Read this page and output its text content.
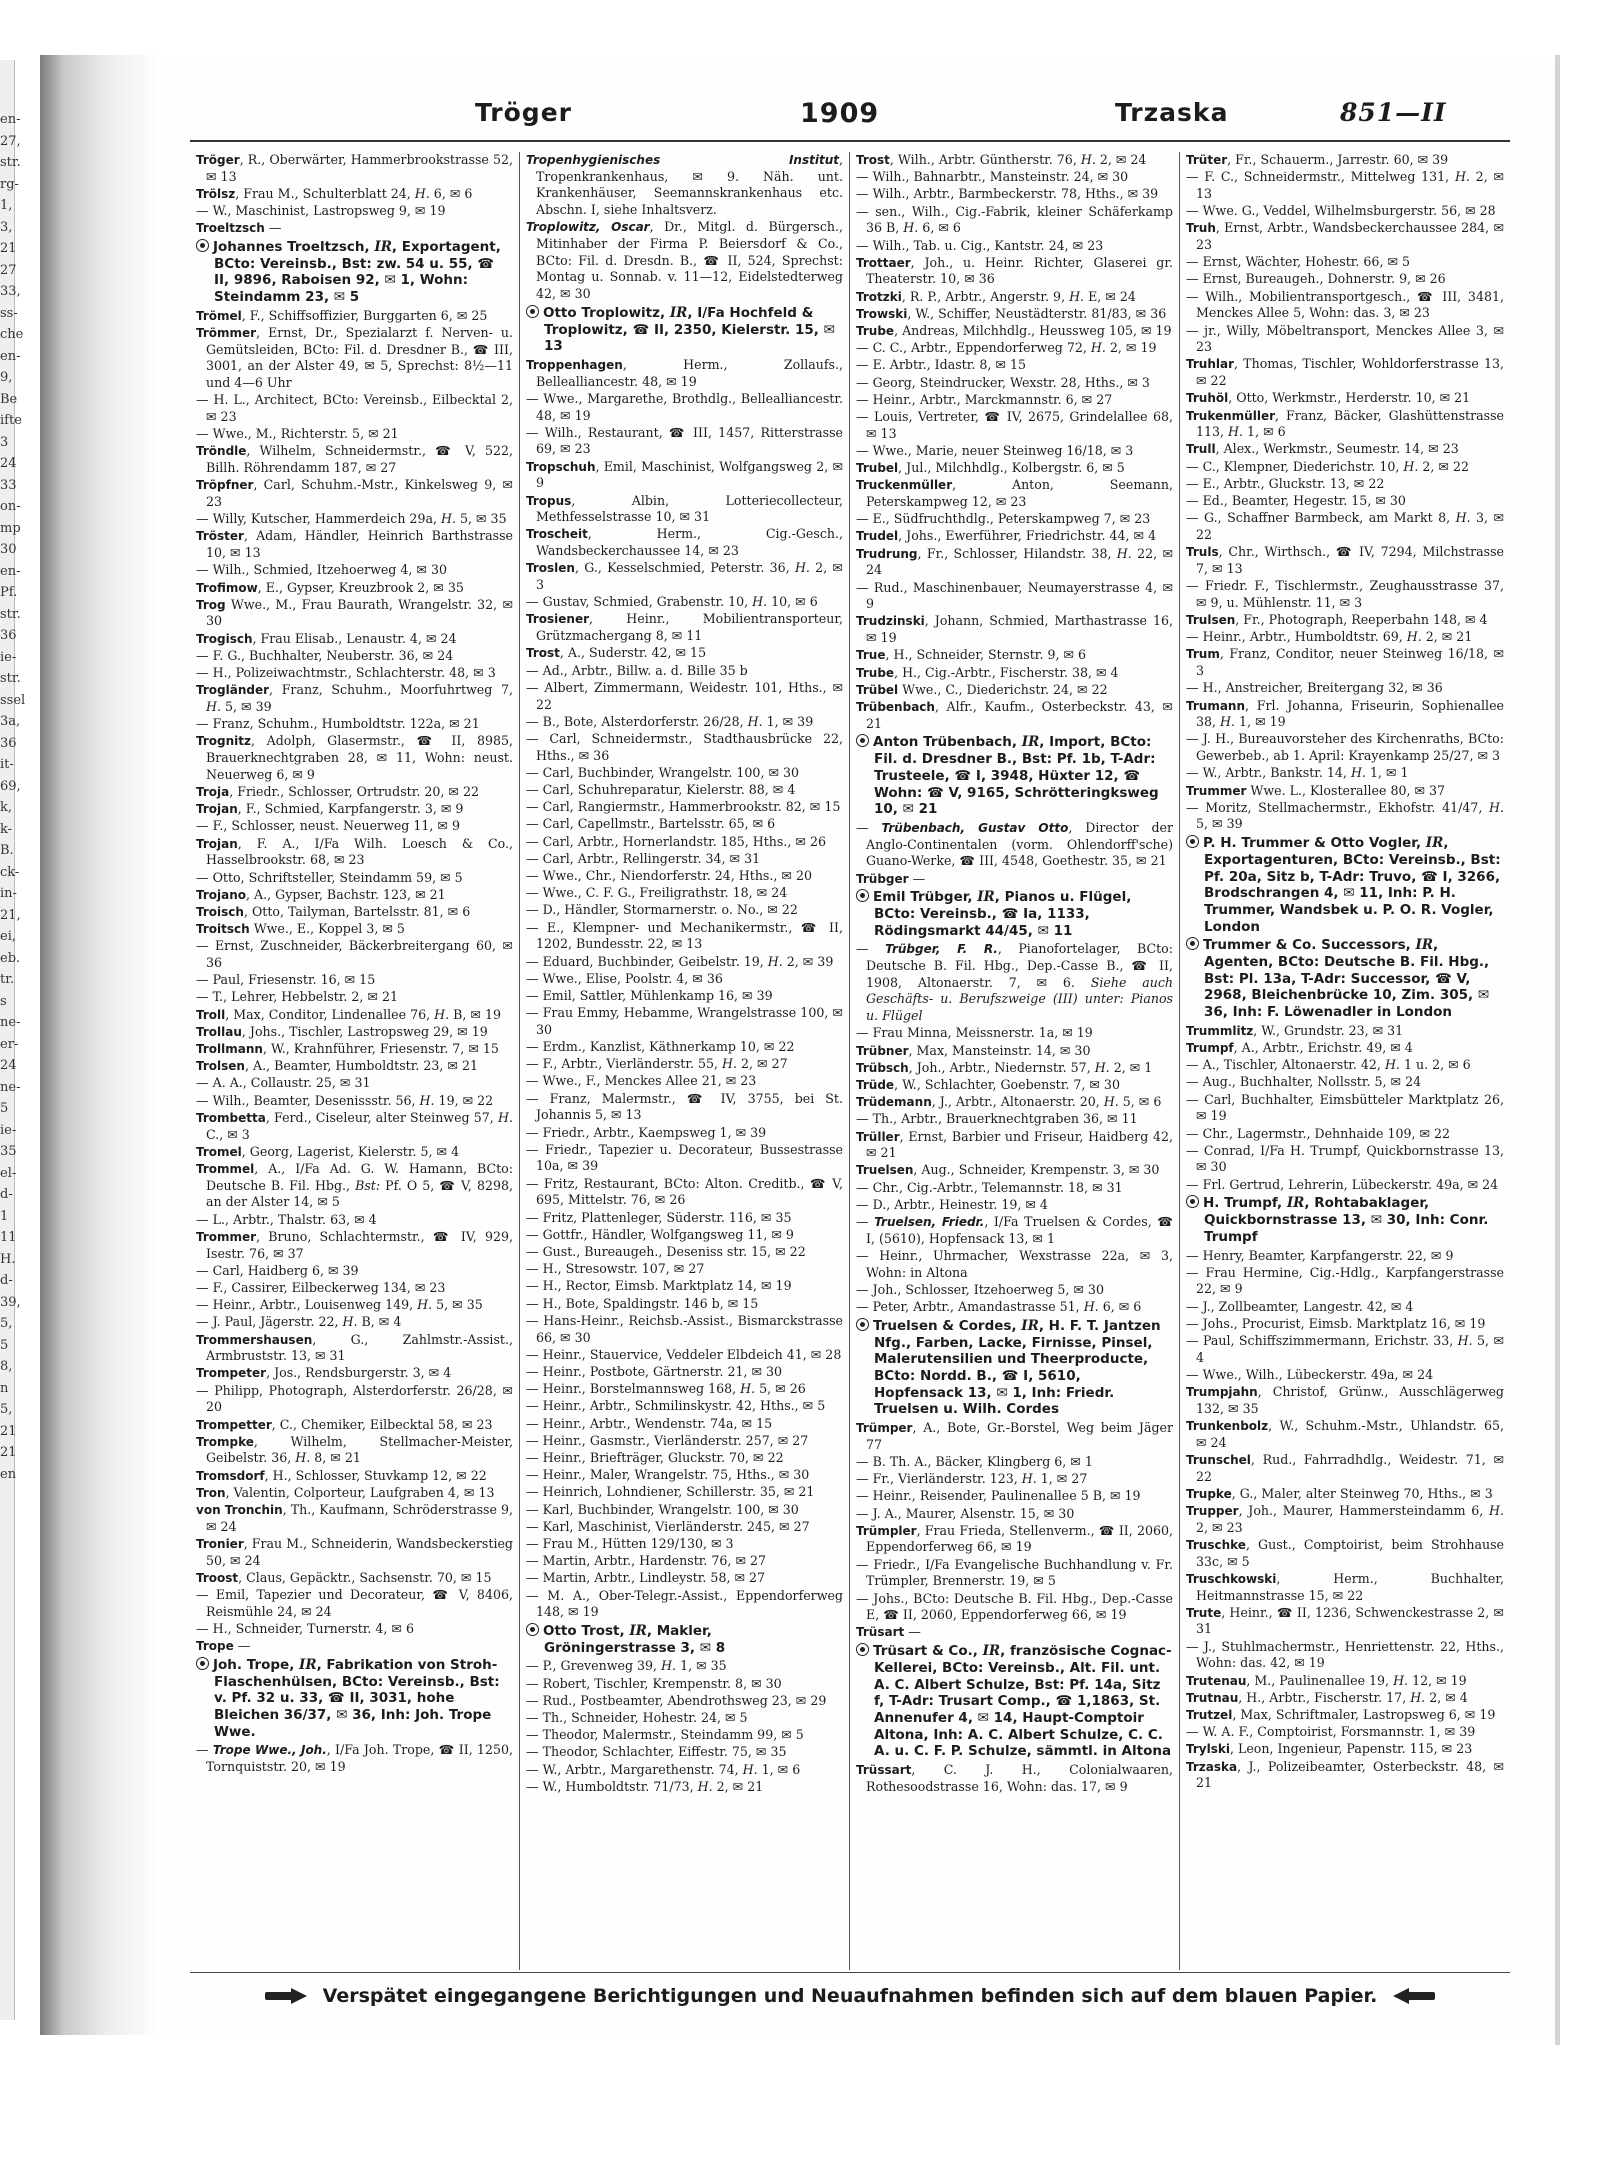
en-
27,
str.
rg-
1,
3,
21
27
33,
ss-
che
en-
9,
Be
ifte
3
24
33
on-
mp
30
en-
Pf.
str.
36
ie-
str.
ssel
3a,
36
it-
69,
k,
k-
B.
ck-
in-
21,
ei,
eb.
tr.
s
ne-
er-
24
ne-
5
ie-
35
el-
d-
1
11
H.
d-
39,
5,
5
8,
n
5,
21
21
en
Tröger	1909	Trzaska	851—II
Tröger, R., Oberwärter, Hammerbrookstrasse 52, ✉ 13
Trölsz, Frau M., Schulterblatt 24, H. 6, ✉ 6
— W., Maschinist, Lastropsweg 9, ✉ 19
Troeltzsch —
Johannes Troeltzsch, IR, Exportagent, BCto: Vereinsb., Bst: zw. 54 u. 55, ☎ II, 9896, Raboisen 92, ✉ 1, Wohn: Steindamm 23, ✉ 5
Trömel, F., Schiffsoffizier, Burggarten 6, ✉ 25
Trömmer, Ernst, Dr., Spezialarzt f. Nerven- u. Gemütsleiden, BCto: Fil. d. Dresdner B., ☎ III, 3001, an der Alster 49, ✉ 5, Sprechst: 8½—11 und 4—6 Uhr
— H. L., Architect, BCto: Vereinsb., Eilbecktal 2, ✉ 23
— Wwe., M., Richterstr. 5, ✉ 21
Tröndle, Wilhelm, Schneidermstr., ☎ V, 522, Billh. Röhrendamm 187, ✉ 27
Tröpfner, Carl, Schuhm.-Mstr., Kinkelsweg 9, ✉ 23
— Willy, Kutscher, Hammerdeich 29a, H. 5, ✉ 35
Tröster, Adam, Händler, Heinrich Barthstrasse 10, ✉ 13
— Wilh., Schmied, Itzehoerweg 4, ✉ 30
Trofimow, E., Gypser, Kreuzbrook 2, ✉ 35
Trog Wwe., M., Frau Baurath, Wrangelstr. 32, ✉ 30
Trogisch, Frau Elisab., Lenaustr. 4, ✉ 24
— F. G., Buchhalter, Neuberstr. 36, ✉ 24
— H., Polizeiwachtmstr., Schlachterstr. 48, ✉ 3
Trogländer, Franz, Schuhm., Moorfuhrtweg 7, H. 5, ✉ 39
— Franz, Schuhm., Humboldtstr. 122a, ✉ 21
Trognitz, Adolph, Glasermstr., ☎ II, 8985, Brauerknechtgraben 28, ✉ 11, Wohn: neust. Neuerweg 6, ✉ 9
Troja, Friedr., Schlosser, Ortrudstr. 20, ✉ 22
Trojan, F., Schmied, Karpfangerstr. 3, ✉ 9
— F., Schlosser, neust. Neuerweg 11, ✉ 9
Trojan, F. A., I/Fa Wilh. Loesch & Co., Hasselbrookstr. 68, ✉ 23
— Otto, Schriftsteller, Steindamm 59, ✉ 5
Trojano, A., Gypser, Bachstr. 123, ✉ 21
Troisch, Otto, Tailyman, Bartelsstr. 81, ✉ 6
Troitsch Wwe., E., Koppel 3, ✉ 5
— Ernst, Zuschneider, Bäckerbreitergang 60, ✉ 36
— Paul, Friesenstr. 16, ✉ 15
— T., Lehrer, Hebbelstr. 2, ✉ 21
Troll, Max, Conditor, Lindenallee 76, H. B, ✉ 19
Trollau, Johs., Tischler, Lastropsweg 29, ✉ 19
Trollmann, W., Krahnführer, Friesenstr. 7, ✉ 15
Trolsen, A., Beamter, Humboldtstr. 23, ✉ 21
— A. A., Collaustr. 25, ✉ 31
— Wilh., Beamter, Desenissstr. 56, H. 19, ✉ 22
Trombetta, Ferd., Ciseleur, alter Steinweg 57, H. C., ✉ 3
Tromel, Georg, Lagerist, Kielerstr. 5, ✉ 4
Trommel, A., I/Fa Ad. G. W. Hamann, BCto: Deutsche B. Fil. Hbg., Bst: Pf. O 5, ☎ V, 8298, an der Alster 14, ✉ 5
— L., Arbtr., Thalstr. 63, ✉ 4
Trommer, Bruno, Schlachtermstr., ☎ IV, 929, Isestr. 76, ✉ 37
— Carl, Haidberg 6, ✉ 39
— F., Cassirer, Eilbeckerweg 134, ✉ 23
— Heinr., Arbtr., Louisenweg 149, H. 5, ✉ 35
— J. Paul, Jägerstr. 22, H. B, ✉ 4
Trommershausen, G., Zahlmstr.-Assist., Armbruststr. 13, ✉ 31
Trompeter, Jos., Rendsburgerstr. 3, ✉ 4
— Philipp, Photograph, Alsterdorferstr. 26/28, ✉ 20
Trompetter, C., Chemiker, Eilbecktal 58, ✉ 23
Trompke, Wilhelm, Stellmacher-Meister, Geibelstr. 36, H. 8, ✉ 21
Tromsdorf, H., Schlosser, Stuvkamp 12, ✉ 22
Tron, Valentin, Colporteur, Laufgraben 4, ✉ 13
von Tronchin, Th., Kaufmann, Schröderstrasse 9, ✉ 24
Tronier, Frau M., Schneiderin, Wandsbeckerstieg 50, ✉ 24
Troost, Claus, Gepäcktr., Sachsenstr. 70, ✉ 15
— Emil, Tapezier und Decorateur, ☎ V, 8406, Reismühle 24, ✉ 24
— H., Schneider, Turnerstr. 4, ✉ 6
Trope —
Joh. Trope, IR, Fabrikation von Stroh-Flaschenhülsen, BCto: Vereinsb., Bst: v. Pf. 32 u. 33, ☎ II, 3031, hohe Bleichen 36/37, ✉ 36, Inh: Joh. Trope Wwe.
— Trope Wwe., Joh., I/Fa Joh. Trope, ☎ II, 1250, Tornquiststr. 20, ✉ 19
Tropenhygienisches Institut, Tropenkrankenhaus, ✉ 9. Näh. unt. Krankenhäuser, Seemannskrankenhaus etc. Abschn. I, siehe Inhaltsverz.
Troplowitz, Oscar, Dr., Mitgl. d. Bürgersch., Mitinhaber der Firma P. Beiersdorf & Co., BCto: Fil. d. Dresdn. B., ☎ II, 524, Sprechst: Montag u. Sonnab. v. 11—12, Eidelstedterweg 42, ✉ 30
Otto Troplowitz, IR, I/Fa Hochfeld & Troplowitz, ☎ II, 2350, Kielerstr. 15, ✉ 13
Troppenhagen, Herm., Zollaufs., Bellealliancestr. 48, ✉ 19
— Wwe., Margarethe, Brothdlg., Bellealliancestr. 48, ✉ 19
— Wilh., Restaurant, ☎ III, 1457, Ritterstrasse 69, ✉ 23
Tropschuh, Emil, Maschinist, Wolfgangsweg 2, ✉ 9
Tropus, Albin, Lotteriecollecteur, Methfesselstrasse 10, ✉ 31
Troscheit, Herm., Cig.-Gesch., Wandsbeckerchaussee 14, ✉ 23
Troslen, G., Kesselschmied, Peterstr. 36, H. 2, ✉ 3
— Gustav, Schmied, Grabenstr. 10, H. 10, ✉ 6
Trosiener, Heinr., Mobilientransporteur, Grützmachergang 8, ✉ 11
Trost, A., Suderstr. 42, ✉ 15
— Ad., Arbtr., Billw. a. d. Bille 35 b
— Albert, Zimmermann, Weidestr. 101, Hths., ✉ 22
— B., Bote, Alsterdorferstr. 26/28, H. 1, ✉ 39
— Carl, Schneidermstr., Stadthausbrücke 22, Hths., ✉ 36
— Carl, Buchbinder, Wrangelstr. 100, ✉ 30
— Carl, Schuhreparatur, Kielerstr. 88, ✉ 4
— Carl, Rangiermstr., Hammerbrookstr. 82, ✉ 15
— Carl, Capellmstr., Bartelsstr. 65, ✉ 6
— Carl, Arbtr., Hornerlandstr. 185, Hths., ✉ 26
— Carl, Arbtr., Rellingerstr. 34, ✉ 31
— Wwe., Chr., Niendorferstr. 24, Hths., ✉ 20
— Wwe., C. F. G., Freiligrathstr. 18, ✉ 24
— D., Händler, Stormarnerstr. o. No., ✉ 22
— E., Klempner- und Mechanikermstr., ☎ II, 1202, Bundesstr. 22, ✉ 13
— Eduard, Buchbinder, Geibelstr. 19, H. 2, ✉ 39
— Wwe., Elise, Poolstr. 4, ✉ 36
— Emil, Sattler, Mühlenkamp 16, ✉ 39
— Frau Emmy, Hebamme, Wrangelstrasse 100, ✉ 30
— Erdm., Kanzlist, Käthnerkamp 10, ✉ 22
— F., Arbtr., Vierländerstr. 55, H. 2, ✉ 27
— Wwe., F., Menckes Allee 21, ✉ 23
— Franz, Malermstr., ☎ IV, 3755, bei St. Johannis 5, ✉ 13
— Friedr., Arbtr., Kaempsweg 1, ✉ 39
— Friedr., Tapezier u. Decorateur, Bussestrasse 10a, ✉ 39
— Fritz, Restaurant, BCto: Alton. Creditb., ☎ V, 695, Mittelstr. 76, ✉ 26
— Fritz, Plattenleger, Süderstr. 116, ✉ 35
— Gottfr., Händler, Wolfgangsweg 11, ✉ 9
— Gust., Bureaugeh., Deseniss str. 15, ✉ 22
— H., Stresowstr. 107, ✉ 27
— H., Rector, Eimsb. Marktplatz 14, ✉ 19
— H., Bote, Spaldingstr. 146 b, ✉ 15
— Hans-Heinr., Reichsb.-Assist., Bismarckstrasse 66, ✉ 30
— Heinr., Stauervice, Veddeler Elbdeich 41, ✉ 28
— Heinr., Postbote, Gärtnerstr. 21, ✉ 30
— Heinr., Borstelmannsweg 168, H. 5, ✉ 26
— Heinr., Arbtr., Schmilinskystr. 42, Hths., ✉ 5
— Heinr., Arbtr., Wendenstr. 74a, ✉ 15
— Heinr., Gasmstr., Vierländerstr. 257, ✉ 27
— Heinr., Briefträger, Gluckstr. 70, ✉ 22
— Heinr., Maler, Wrangelstr. 75, Hths., ✉ 30
— Heinrich, Lohndiener, Schillerstr. 35, ✉ 21
— Karl, Buchbinder, Wrangelstr. 100, ✉ 30
— Karl, Maschinist, Vierländerstr. 245, ✉ 27
— Frau M., Hütten 129/130, ✉ 3
— Martin, Arbtr., Hardenstr. 76, ✉ 27
— Martin, Arbtr., Lindleystr. 58, ✉ 27
— M. A., Ober-Telegr.-Assist., Eppendorferweg 148, ✉ 19
Otto Trost, IR, Makler, Gröningerstrasse 3, ✉ 8
— P., Grevenweg 39, H. 1, ✉ 35
— Robert, Tischler, Krempenstr. 8, ✉ 30
— Rud., Postbeamter, Abendrothsweg 23, ✉ 29
— Th., Schneider, Hohestr. 24, ✉ 5
— Theodor, Malermstr., Steindamm 99, ✉ 5
— Theodor, Schlachter, Eiffestr. 75, ✉ 35
— W., Arbtr., Margarethenstr. 74, H. 1, ✉ 6
— W., Humboldtstr. 71/73, H. 2, ✉ 21
Trost, Wilh., Arbtr. Güntherstr. 76, H. 2, ✉ 24
— Wilh., Bahnarbtr., Mansteinstr. 24, ✉ 30
— Wilh., Arbtr., Barmbeckerstr. 78, Hths., ✉ 39
— sen., Wilh., Cig.-Fabrik, kleiner Schäferkamp 36 B, H. 6, ✉ 6
— Wilh., Tab. u. Cig., Kantstr. 24, ✉ 23
Trottaer, Joh., u. Heinr. Richter, Glaserei gr. Theaterstr. 10, ✉ 36
Trotzki, R. P., Arbtr., Angerstr. 9, H. E, ✉ 24
Trowski, W., Schiffer, Neustädterstr. 81/83, ✉ 36
Trube, Andreas, Milchhdlg., Heussweg 105, ✉ 19
— C. C., Arbtr., Eppendorferweg 72, H. 2, ✉ 19
— E. Arbtr., Idastr. 8, ✉ 15
— Georg, Steindrucker, Wexstr. 28, Hths., ✉ 3
— Heinr., Arbtr., Marckmannstr. 6, ✉ 27
— Louis, Vertreter, ☎ IV, 2675, Grindelallee 68, ✉ 13
— Wwe., Marie, neuer Steinweg 16/18, ✉ 3
Trubel, Jul., Milchhdlg., Kolbergstr. 6, ✉ 5
Truckenmüller, Anton, Seemann, Peterskampweg 12, ✉ 23
— E., Südfruchthdlg., Peterskampweg 7, ✉ 23
Trudel, Johs., Ewerführer, Friedrichstr. 44, ✉ 4
Trudrung, Fr., Schlosser, Hilandstr. 38, H. 22, ✉ 24
— Rud., Maschinenbauer, Neumayerstrasse 4, ✉ 9
Trudzinski, Johann, Schmied, Marthastrasse 16, ✉ 19
True, H., Schneider, Sternstr. 9, ✉ 6
Trube, H., Cig.-Arbtr., Fischerstr. 38, ✉ 4
Trübel Wwe., C., Diederichstr. 24, ✉ 22
Trübenbach, Alfr., Kaufm., Osterbeckstr. 43, ✉ 21
Anton Trübenbach, IR, Import, BCto: Fil. d. Dresdner B., Bst: Pf. 1b, T-Adr: Trusteele, ☎ I, 3948, Hüxter 12, ☎ Wohn: ☎ V, 9165, Schrötteringksweg 10, ✉ 21
— Trübenbach, Gustav Otto, Director der Anglo-Continentalen (vorm. Ohlendorff'sche) Guano-Werke, ☎ III, 4548, Goethestr. 35, ✉ 21
Trübger —
Emil Trübger, IR, Pianos u. Flügel, BCto: Vereinsb., ☎ Ia, 1133, Rödingsmarkt 44/45, ✉ 11
— Trübger, F. R., Pianofortelager, BCto: Deutsche B. Fil. Hbg., Dep.-Casse B., ☎ II, 1908, Altonaerstr. 7, ✉ 6. Siehe auch Geschäfts- u. Berufszweige (III) unter: Pianos u. Flügel
— Frau Minna, Meissnerstr. 1a, ✉ 19
Trübner, Max, Mansteinstr. 14, ✉ 30
Trübsch, Joh., Arbtr., Niedernstr. 57, H. 2, ✉ 1
Trüde, W., Schlachter, Goebenstr. 7, ✉ 30
Trüdemann, J., Arbtr., Altonaerstr. 20, H. 5, ✉ 6
— Th., Arbtr., Brauerknechtgraben 36, ✉ 11
Trüller, Ernst, Barbier und Friseur, Haidberg 42, ✉ 21
Truelsen, Aug., Schneider, Krempenstr. 3, ✉ 30
— Chr., Cig.-Arbtr., Telemannstr. 18, ✉ 31
— D., Arbtr., Heinestr. 19, ✉ 4
— Truelsen, Friedr., I/Fa Truelsen & Cordes, ☎ I, (5610), Hopfensack 13, ✉ 1
— Heinr., Uhrmacher, Wexstrasse 22a, ✉ 3, Wohn: in Altona
— Joh., Schlosser, Itzehoerweg 5, ✉ 30
— Peter, Arbtr., Amandastrasse 51, H. 6, ✉ 6
Truelsen & Cordes, IR, H. F. T. Jantzen Nfg., Farben, Lacke, Firnisse, Pinsel, Malerutensilien und Theerproducte, BCto: Nordd. B., ☎ I, 5610, Hopfensack 13, ✉ 1, Inh: Friedr. Truelsen u. Wilh. Cordes
Trümper, A., Bote, Gr.-Borstel, Weg beim Jäger 77
— B. Th. A., Bäcker, Klingberg 6, ✉ 1
— Fr., Vierländerstr. 123, H. 1, ✉ 27
— Heinr., Reisender, Paulinenallee 5 B, ✉ 19
— J. A., Maurer, Alsenstr. 15, ✉ 30
Trümpler, Frau Frieda, Stellenverm., ☎ II, 2060, Eppendorferweg 66, ✉ 19
— Friedr., I/Fa Evangelische Buchhandlung v. Fr. Trümpler, Brennerstr. 19, ✉ 5
— Johs., BCto: Deutsche B. Fil. Hbg., Dep.-Casse E, ☎ II, 2060, Eppendorferweg 66, ✉ 19
Trüsart —
Trüsart & Co., IR, französische Cognac-Kellerei, BCto: Vereinsb., Alt. Fil. unt. A. C. Albert Schulze, Bst: Pf. 14a, Sitz f, T-Adr: Trusart Comp., ☎ 1,1863, St. Annenufer 4, ✉ 14, Haupt-Comptoir Altona, Inh: A. C. Albert Schulze, C. C. A. u. C. F. P. Schulze, sämmtl. in Altona
Trüssart, C. J. H., Colonialwaaren, Rothesoodstrasse 16, Wohn: das. 17, ✉ 9
Trüter, Fr., Schauerm., Jarrestr. 60, ✉ 39
— F. C., Schneidermstr., Mittelweg 131, H. 2, ✉ 13
— Wwe. G., Veddel, Wilhelmsburgerstr. 56, ✉ 28
Truh, Ernst, Arbtr., Wandsbeckerchaussee 284, ✉ 23
— Ernst, Wächter, Hohestr. 66, ✉ 5
— Ernst, Bureaugeh., Dohnerstr. 9, ✉ 26
— Wilh., Mobilientransportgesch., ☎ III, 3481, Menckes Allee 5, Wohn: das. 3, ✉ 23
— jr., Willy, Möbeltransport, Menckes Allee 3, ✉ 23
Truhlar, Thomas, Tischler, Wohldorferstrasse 13, ✉ 22
Truhöl, Otto, Werkmstr., Herderstr. 10, ✉ 21
Trukenmüller, Franz, Bäcker, Glashüttenstrasse 113, H. 1, ✉ 6
Trull, Alex., Werkmstr., Seumestr. 14, ✉ 23
— C., Klempner, Diederichstr. 10, H. 2, ✉ 22
— E., Arbtr., Gluckstr. 13, ✉ 22
— Ed., Beamter, Hegestr. 15, ✉ 30
— G., Schaffner Barmbeck, am Markt 8, H. 3, ✉ 22
Truls, Chr., Wirthsch., ☎ IV, 7294, Milchstrasse 7, ✉ 13
— Friedr. F., Tischlermstr., Zeughausstrasse 37, ✉ 9, u. Mühlenstr. 11, ✉ 3
Trulsen, Fr., Photograph, Reeperbahn 148, ✉ 4
— Heinr., Arbtr., Humboldtstr. 69, H. 2, ✉ 21
Trum, Franz, Conditor, neuer Steinweg 16/18, ✉ 3
— H., Anstreicher, Breitergang 32, ✉ 36
Trumann, Frl. Johanna, Friseurin, Sophienallee 38, H. 1, ✉ 19
— J. H., Bureauvorsteher des Kirchenraths, BCto: Gewerbeb., ab 1. April: Krayenkamp 25/27, ✉ 3
— W., Arbtr., Bankstr. 14, H. 1, ✉ 1
Trummer Wwe. L., Klosterallee 80, ✉ 37
— Moritz, Stellmachermstr., Ekhofstr. 41/47, H. 5, ✉ 39
P. H. Trummer & Otto Vogler, IR, Exportagenturen, BCto: Vereinsb., Bst: Pf. 20a, Sitz b, T-Adr: Truvo, ☎ I, 3266, Brodschrangen 4, ✉ 11, Inh: P. H. Trummer, Wandsbek u. P. O. R. Vogler, London
Trummer & Co. Successors, IR, Agenten, BCto: Deutsche B. Fil. Hbg., Bst: Pl. 13a, T-Adr: Successor, ☎ V, 2968, Bleichenbrücke 10, Zim. 305, ✉ 36, Inh: F. Löwenadler in London
Trummlitz, W., Grundstr. 23, ✉ 31
Trumpf, A., Arbtr., Erichstr. 49, ✉ 4
— A., Tischler, Altonaerstr. 42, H. 1 u. 2, ✉ 6
— Aug., Buchhalter, Nollsstr. 5, ✉ 24
— Carl, Buchhalter, Eimsbütteler Marktplatz 26, ✉ 19
— Chr., Lagermstr., Dehnhaide 109, ✉ 22
— Conrad, I/Fa H. Trumpf, Quickbornstrasse 13, ✉ 30
— Frl. Gertrud, Lehrerin, Lübeckerstr. 49a, ✉ 24
H. Trumpf, IR, Rohtabaklager, Quickbornstrasse 13, ✉ 30, Inh: Conr. Trumpf
— Henry, Beamter, Karpfangerstr. 22, ✉ 9
— Frau Hermine, Cig.-Hdlg., Karpfangerstrasse 22, ✉ 9
— J., Zollbeamter, Langestr. 42, ✉ 4
— Johs., Procurist, Eimsb. Marktplatz 16, ✉ 19
— Paul, Schiffszimmermann, Erichstr. 33, H. 5, ✉ 4
— Wwe., Wilh., Lübeckerstr. 49a, ✉ 24
Trumpjahn, Christof, Grünw., Ausschlägerweg 132, ✉ 35
Trunkenbolz, W., Schuhm.-Mstr., Uhlandstr. 65, ✉ 24
Trunschel, Rud., Fahrradhdlg., Weidestr. 71, ✉ 22
Trupke, G., Maler, alter Steinweg 70, Hths., ✉ 3
Trupper, Joh., Maurer, Hammersteindamm 6, H. 2, ✉ 23
Truschke, Gust., Comptoirist, beim Strohhause 33c, ✉ 5
Truschkowski, Herm., Buchhalter, Heitmannstrasse 15, ✉ 22
Trute, Heinr., ☎ II, 1236, Schwenckestrasse 2, ✉ 31
— J., Stuhlmachermstr., Henriettenstr. 22, Hths., Wohn: das. 42, ✉ 19
Trutenau, M., Paulinenallee 19, H. 12, ✉ 19
Trutnau, H., Arbtr., Fischerstr. 17, H. 2, ✉ 4
Trutzel, Max, Schriftmaler, Lastropsweg 6, ✉ 19
— W. A. F., Comptoirist, Forsmannstr. 1, ✉ 39
Trylski, Leon, Ingenieur, Papenstr. 115, ✉ 23
Trzaska, J., Polizeibeamter, Osterbeckstr. 48, ✉ 21
Verspätet eingegangene Berichtigungen und Neuaufnahmen befinden sich auf dem blauen Papier.
